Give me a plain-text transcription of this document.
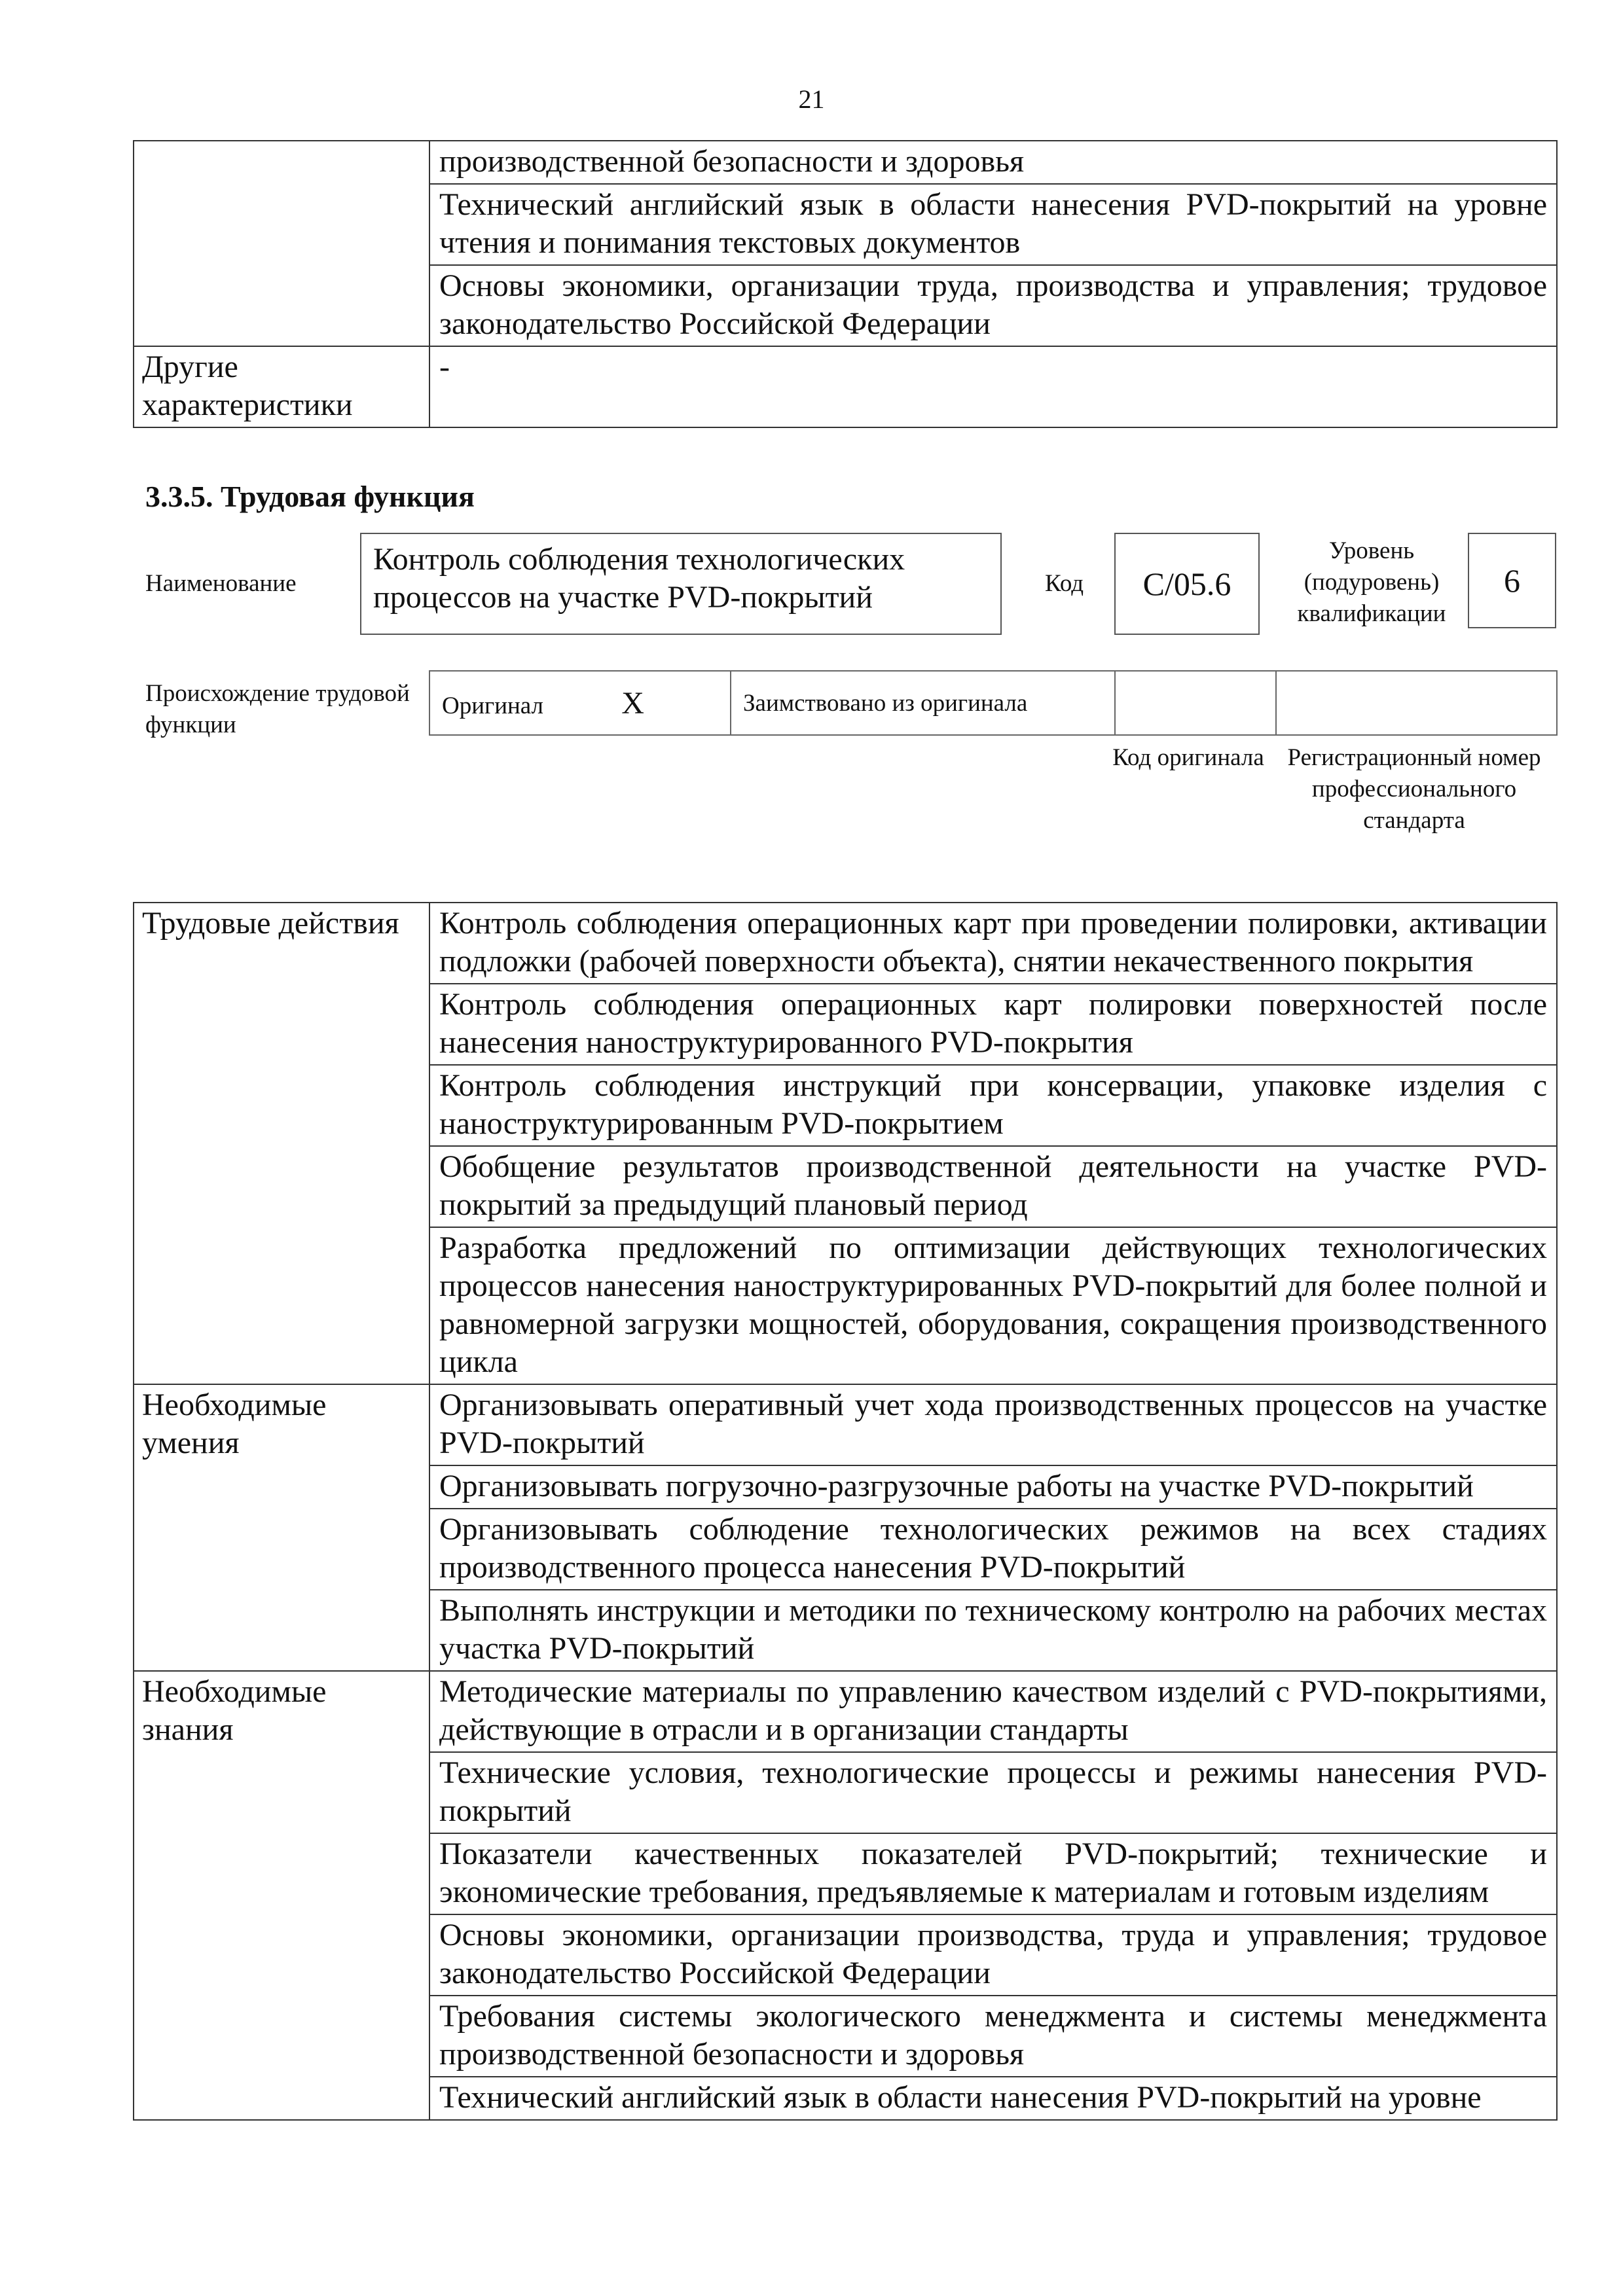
21
	производственной безопасности и здоровья
	Технический английский язык в области нанесения PVD-покрытий на уровне чтения и понимания текстовых документов
	Основы экономики, организации труда, производства и управления; трудовое законодательство Российской Федерации
Другие характеристики	-
3.3.5. Трудовая функция
Наименование
Контроль соблюдения технологических процессов на участке PVD-покрытий	Код	C/05.6
Уровень (подуровень) квалификации
6
Происхождение трудовой функции
Оригинал X	Заимствовано из оригинала		
Код оригинала Регистрационный номер профессионального стандарта
Трудовые действия	Контроль соблюдения операционных карт при проведении полировки, активации подложки (рабочей поверхности объекта), снятии некачественного покрытия
	Контроль соблюдения операционных карт полировки поверхностей после нанесения наноструктурированного PVD-покрытия
	Контроль соблюдения инструкций при консервации, упаковке изделия с наноструктурированным PVD-покрытием
	Обобщение результатов производственной деятельности на участке PVD-покрытий за предыдущий плановый период
	Разработка предложений по оптимизации действующих технологических процессов нанесения наноструктурированных PVD-покрытий для более полной и равномерной загрузки мощностей, оборудования, сокращения производственного цикла
Необходимые умения	Организовывать оперативный учет хода производственных процессов на участке PVD-покрытий
	Организовывать погрузочно-разгрузочные работы на участке PVD-покрытий
	Организовывать соблюдение технологических режимов на всех стадиях производственного процесса нанесения PVD-покрытий
	Выполнять инструкции и методики по техническому контролю на рабочих местах участка PVD-покрытий
Необходимые знания	Методические материалы по управлению качеством изделий с PVD-покрытиями, действующие в отрасли и в организации стандарты
	Технические условия, технологические процессы и режимы нанесения PVD-покрытий
	Показатели качественных показателей PVD-покрытий; технические и экономические требования, предъявляемые к материалам и готовым изделиям
	Основы экономики, организации производства, труда и управления; трудовое законодательство Российской Федерации
	Требования системы экологического менеджмента и системы менеджмента производственной безопасности и здоровья
	Технический английский язык в области нанесения PVD-покрытий на уровне
